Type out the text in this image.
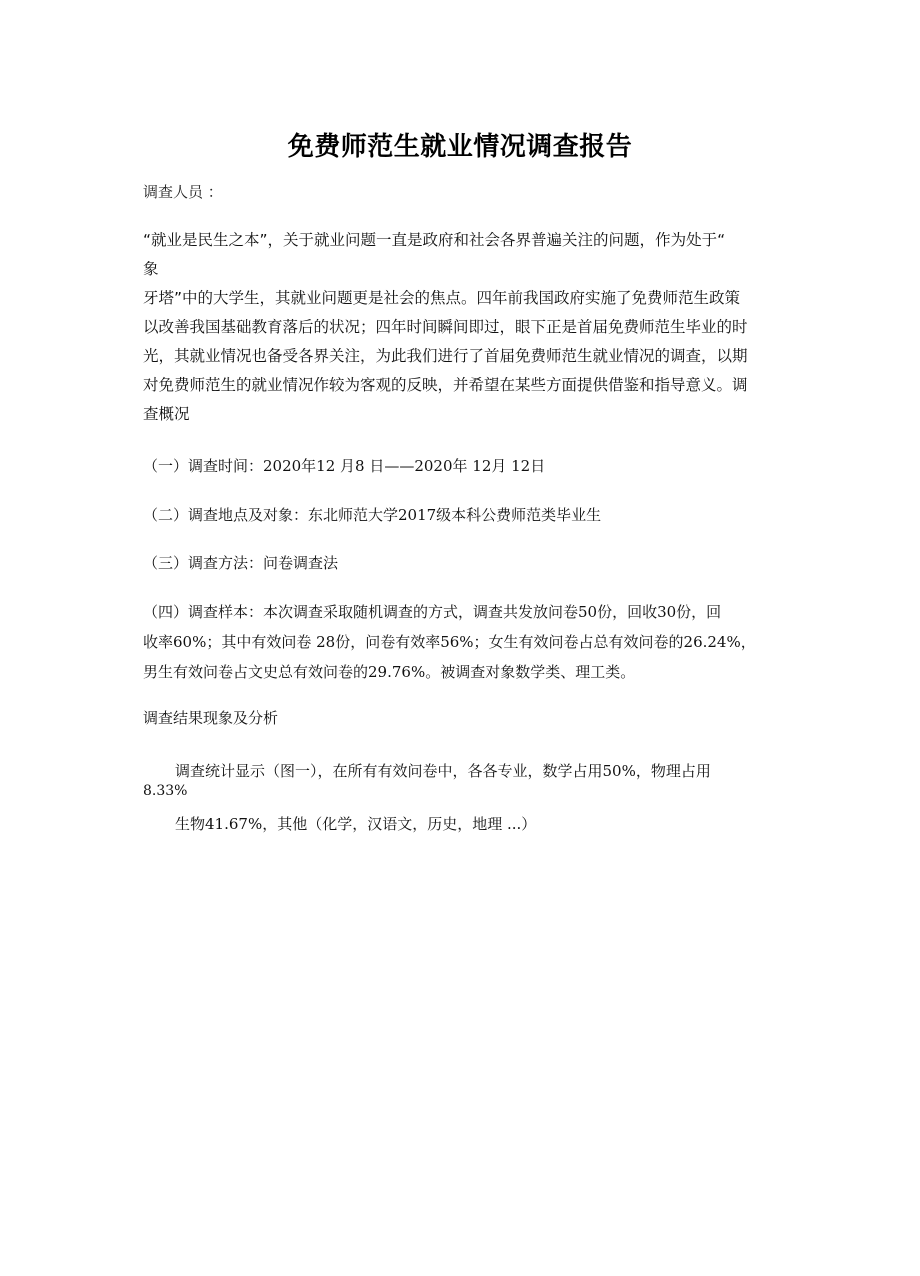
免费师范生就业情况调查报告
调查人员 ：
“就业是民生之本”，关于就业问题一直是政府和社会各界普遍关注的问题，作为处于“
象
牙塔”中的大学生，其就业问题更是社会的焦点。四年前我国政府实施了免费师范生政策
以改善我国基础教育落后的状况；四年时间瞬间即过，眼下正是首届免费师范生毕业的时
光，其就业情况也备受各界关注，为此我们进行了首届免费师范生就业情况的调查，以期
对免费师范生的就业情况作较为客观的反映，并希望在某些方面提供借鉴和指导意义。调
查概况
（一）调查时间：2020年12 月8 日——2020年 12月 12日
（二）调查地点及对象：东北师范大学2017级本科公费师范类毕业生
（三）调查方法：问卷调查法
（四）调查样本：本次调查采取随机调查的方式，调查共发放问卷50份，回收30份，回
收率60%；其中有效问卷 28份，问卷有效率56%；女生有效问卷占总有效问卷的26.24%，
男生有效问卷占文史总有效问卷的29.76%。被调查对象数学类、理工类。
调查结果现象及分析
调查统计显示（图一），在所有有效问卷中，各各专业，数学占用50%，物理占用
8.33%
生物41.67%，其他（化学，汉语文，历史，地理 ...）
